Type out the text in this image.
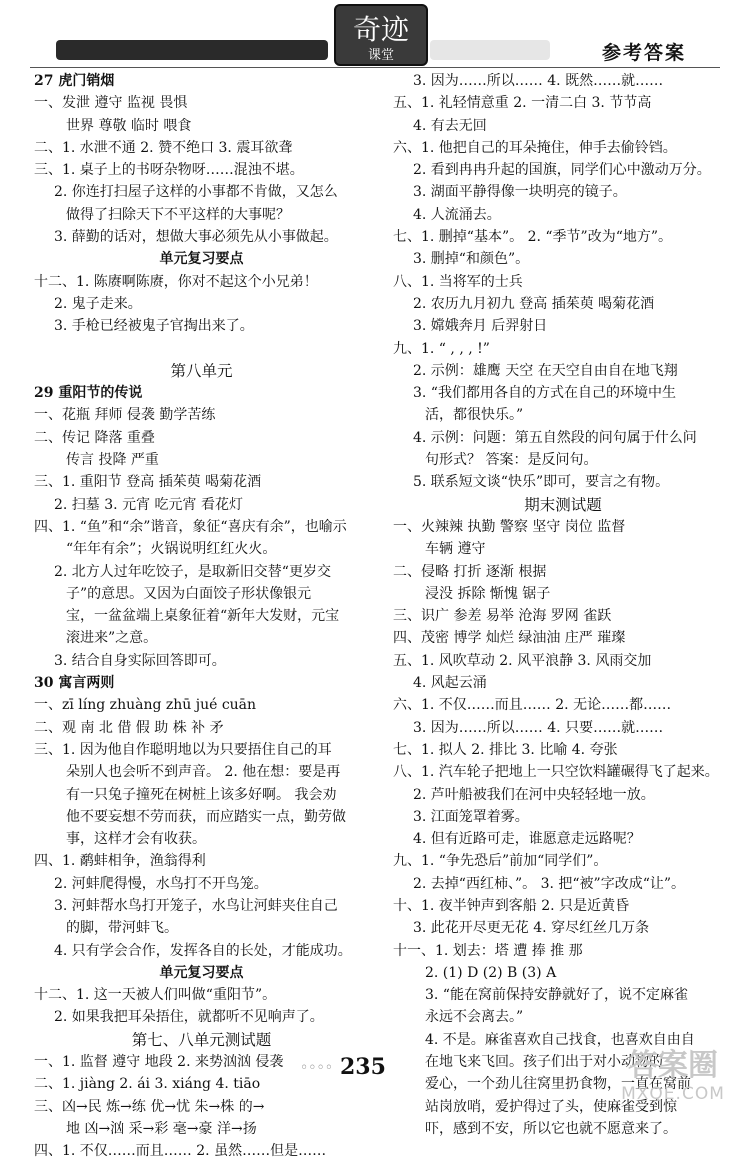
奇迹
课堂	参考答案
27 虎门销烟
一、发泄 遵守 监视 畏惧
世界 尊敬 临时 喂食
二、1. 水泄不通 2. 赞不绝口 3. 震耳欲聋
三、1. 桌子上的书呀杂物呀……混浊不堪。
2. 你连打扫屋子这样的小事都不肯做，又怎么
做得了扫除天下不平这样的大事呢？
3. 薛勤的话对，想做大事必须先从小事做起。
单元复习要点
十二、1. 陈赓啊陈赓，你对不起这个小兄弟！
2. 鬼子走来。
3. 手枪已经被鬼子官掏出来了。
第八单元
29 重阳节的传说
一、花瓶 拜师 侵袭 勤学苦练
二、传记 降落 重叠
传言 投降 严重
三、1. 重阳节 登高 插茱萸 喝菊花酒
2. 扫墓 3. 元宵 吃元宵 看花灯
四、1. “鱼”和“余”谐音，象征“喜庆有余”，也喻示
“年年有余”；火锅说明红红火火。
2. 北方人过年吃饺子，是取新旧交替“更岁交
子”的意思。又因为白面饺子形状像银元
宝，一盆盆端上桌象征着“新年大发财，元宝
滚进来”之意。
3. 结合自身实际回答即可。
30 寓言两则
一、zī líng zhuàng zhū jué cuān
二、观 南 北 借 假 助 株 补 矛
三、1. 因为他自作聪明地以为只要捂住自己的耳
朵别人也会听不到声音。 2. 他在想：要是再
有一只兔子撞死在树桩上该多好啊。 我会劝
他不要妄想不劳而获，而应踏实一点，勤劳做
事，这样才会有收获。
四、1. 鹬蚌相争，渔翁得利
2. 河蚌爬得慢，水鸟打不开鸟笼。
3. 河蚌帮水鸟打开笼子，水鸟让河蚌夹住自己
的脚，带河蚌飞。
4. 只有学会合作，发挥各自的长处，才能成功。
单元复习要点
十二、1. 这一天被人们叫做“重阳节”。
2. 如果我把耳朵捂住，就都听不见响声了。
第七、八单元测试题
一、1. 监督 遵守 地段 2. 来势汹汹 侵袭
二、1. jiàng 2. ái 3. xiáng 4. tiāo
三、凶→民 炼→练 优→忧 朱→株 的→
地 凶→汹 采→彩 毫→豪 洋→扬
四、1. 不仅……而且…… 2. 虽然……但是……
3. 因为……所以…… 4. 既然……就……
五、1. 礼轻情意重 2. 一清二白 3. 节节高
4. 有去无回
六、1. 他把自己的耳朵掩住，伸手去偷铃铛。
2. 看到冉冉升起的国旗，同学们心中激动万分。
3. 湖面平静得像一块明亮的镜子。
4. 人流涌去。
七、1. 删掉“基本”。 2. “季节”改为“地方”。
3. 删掉“和颜色”。
八、1. 当将军的士兵
2. 农历九月初九 登高 插茱萸 喝菊花酒
3. 嫦娥奔月 后羿射日
九、1. “ , , , !”
2. 示例：雄鹰 天空 在天空自由自在地飞翔
3. “我们都用各自的方式在自己的环境中生
活，都很快乐。”
4. 示例：问题：第五自然段的问句属于什么问
句形式？ 答案：是反问句。
5. 联系短文谈“快乐”即可，要言之有物。
期末测试题
一、火辣辣 执勤 警察 坚守 岗位 监督
车辆 遵守
二、侵略 打折 逐渐 根据
浸没 拆除 惭愧 锯子
三、识广 参差 易举 沧海 罗网 雀跃
四、茂密 博学 灿烂 绿油油 庄严 璀璨
五、1. 风吹草动 2. 风平浪静 3. 风雨交加
4. 风起云涌
六、1. 不仅……而且…… 2. 无论……都……
3. 因为……所以…… 4. 只要……就……
七、1. 拟人 2. 排比 3. 比喻 4. 夸张
八、1. 汽车轮子把地上一只空饮料罐碾得飞了起来。
2. 芦叶船被我们在河中央轻轻地一放。
3. 江面笼罩着雾。
4. 但有近路可走，谁愿意走远路呢？
九、1. “争先恐后”前加“同学们”。
2. 去掉“西红柿、”。 3. 把“被”字改成“让”。
十、1. 夜半钟声到客船 2. 只是近黄昏
3. 此花开尽更无花 4. 穿尽红丝几万条
十一、1. 划去：塔 遭 捧 推 那
2. (1) D (2) B (3) A
3. “能在窝前保持安静就好了，说不定麻雀
永远不会离去。”
4. 不是。麻雀喜欢自己找食，也喜欢自由自
在地飞来飞回。孩子们出于对小动物的
爱心，一个劲儿往窝里扔食物，一直在窝前
站岗放哨，爱护得过了头，使麻雀受到惊
吓，感到不安，所以它也就不愿意来了。
◦◦◦◦ 235	答案圈
MXQE.COM
